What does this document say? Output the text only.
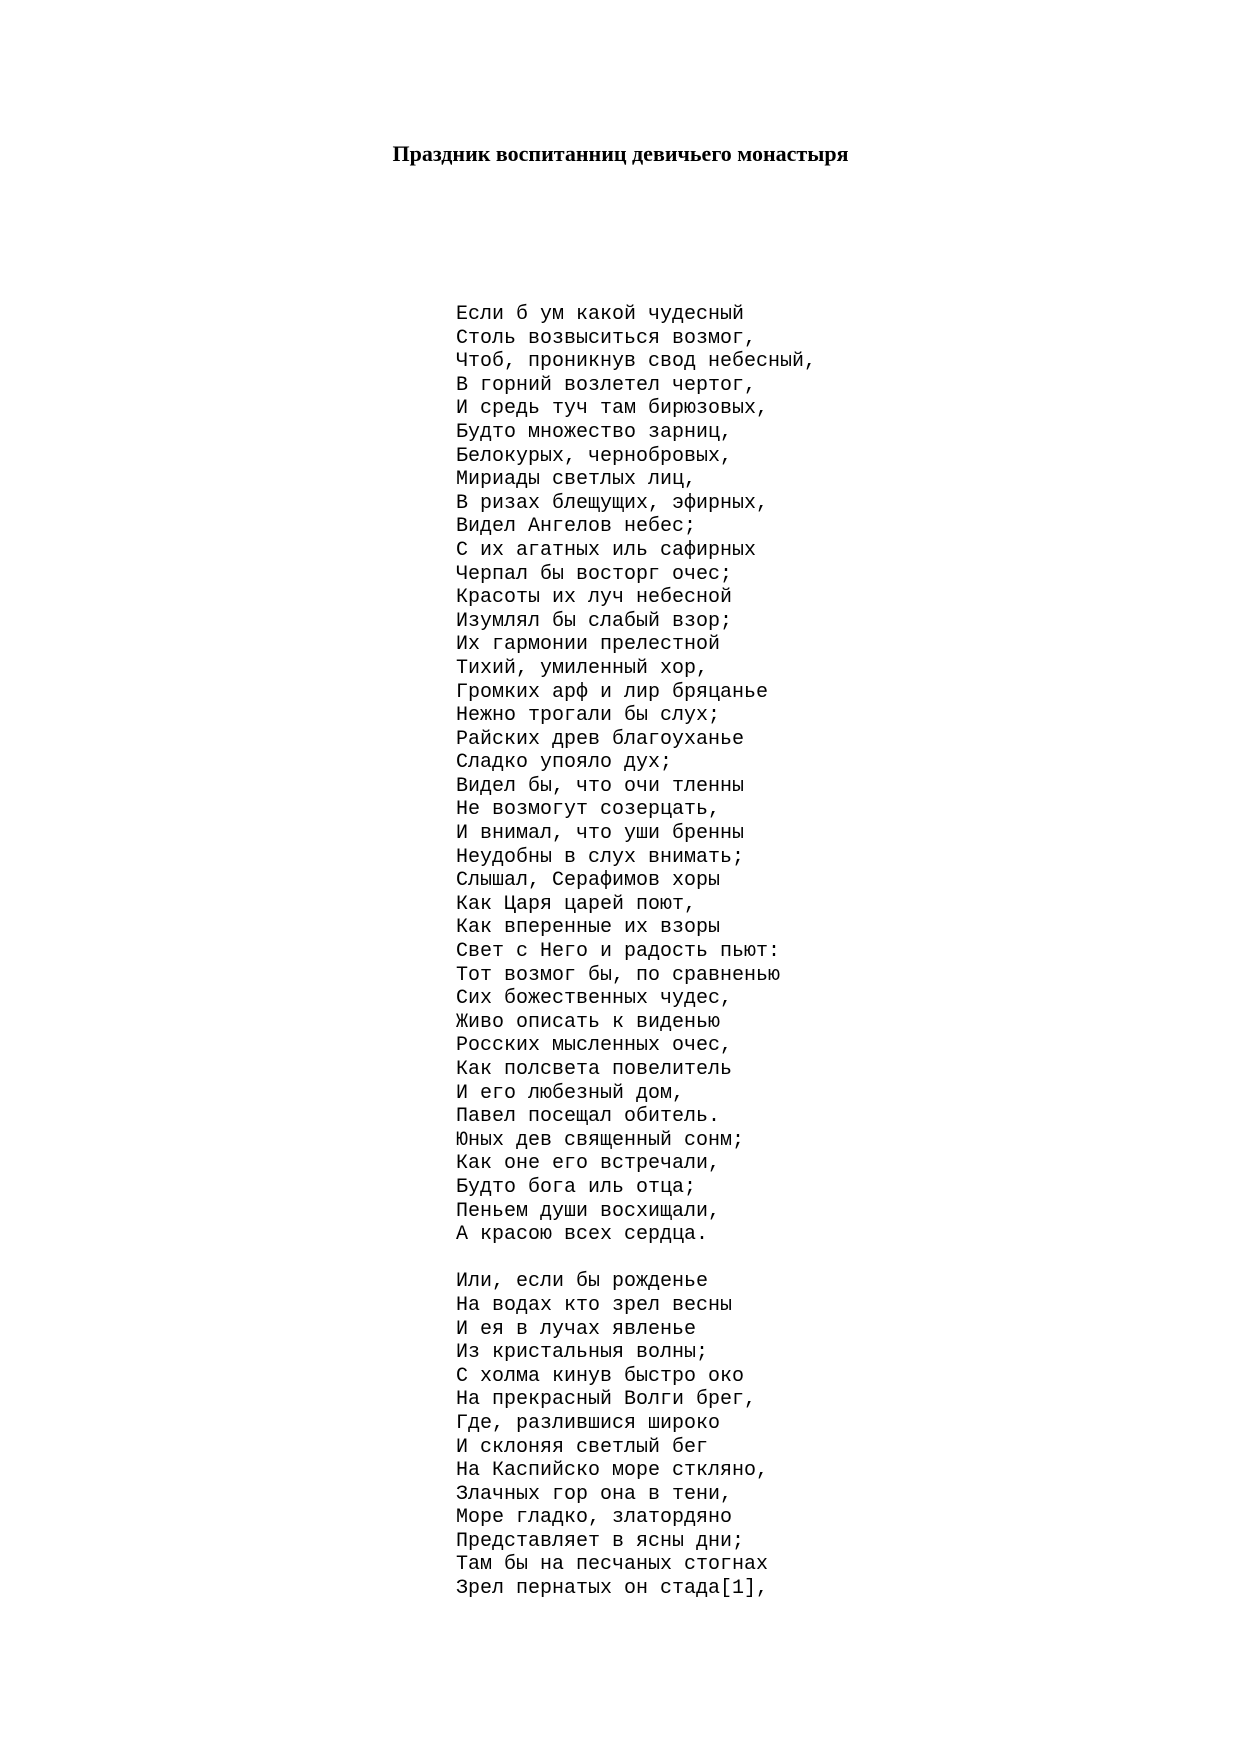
Праздник воспитанниц девичьего монастыря
Если б ум какой чудесный
Столь возвыситься возмог,
Чтоб, проникнув свод небесный,
В горний возлетел чертог,
И средь туч там бирюзовых,
Будто множество зарниц,
Белокурых, чернобровых,
Мириады светлых лиц,
В ризах блещущих, эфирных,
Видел Ангелов небес;
С их агатных иль сафирных
Черпал бы восторг очес;
Красоты их луч небесной
Изумлял бы слабый взор;
Их гармонии прелестной
Тихий, умиленный хор,
Громких арф и лир бряцанье
Нежно трогали бы слух;
Райских древ благоуханье
Сладко упояло дух;
Видел бы, что очи тленны
Не возмогут созерцать,
И внимал, что уши бренны
Неудобны в слух внимать;
Слышал, Серафимов хоры
Как Царя царей поют,
Как вперенные их взоры
Свет с Него и радость пьют:
Тот возмог бы, по сравненью
Сих божественных чудес,
Живо описать к виденью
Росских мысленных очес,
Как полсвета повелитель
И его любезный дом,
Павел посещал обитель.
Юных дев священный сонм;
Как оне его встречали,
Будто бога иль отца;
Пеньем души восхищали,
А красою всех сердца.
Или, если бы рожденье
На водах кто зрел весны
И ея в лучах явленье
Из кристальныя волны;
С холма кинув быстро око
На прекрасный Волги брег,
Где, разлившися широко
И склоняя светлый бег
На Каспийско море сткляно,
Злачных гор она в тени,
Море гладко, златордяно
Представляет в ясны дни;
Там бы на песчаных стогнах
Зрел пернатых он стада[1],
